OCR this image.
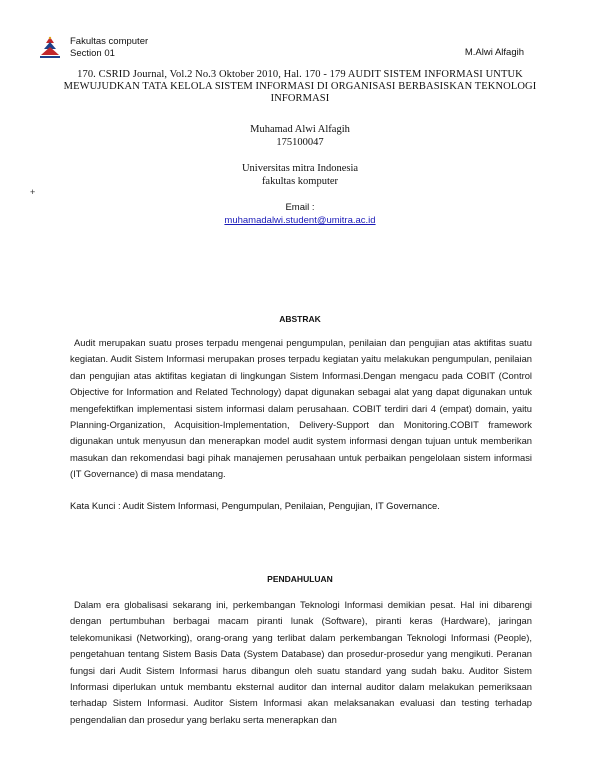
Fakultas computer
Section 01	M.Alwi Alfagih
+
170. CSRID Journal, Vol.2 No.3 Oktober 2010, Hal. 170 - 179 AUDIT SISTEM INFORMASI UNTUK MEWUJUDKAN TATA KELOLA SISTEM INFORMASI DI ORGANISASI BERBASISKAN TEKNOLOGI INFORMASI
Muhamad Alwi Alfagih
175100047
Universitas mitra Indonesia
fakultas komputer
Email :
muhamadalwi.student@umitra.ac.id
ABSTRAK

Audit merupakan suatu proses terpadu mengenai pengumpulan, penilaian dan pengujian atas aktifitas suatu kegiatan. Audit Sistem Informasi merupakan proses terpadu kegiatan yaitu melakukan pengumpulan, penilaian dan pengujian atas aktifitas kegiatan di lingkungan Sistem Informasi.Dengan mengacu pada COBIT (Control Objective for Information and Related Technology) dapat digunakan sebagai alat yang dapat digunakan untuk mengefektifkan implementasi sistem informasi dalam perusahaan. COBIT terdiri dari 4 (empat) domain, yaitu Planning-Organization, Acquisition-Implementation, Delivery-Support dan Monitoring.COBIT framework digunakan untuk menyusun dan menerapkan model audit system informasi dengan tujuan untuk memberikan masukan dan rekomendasi bagi pihak manajemen perusahaan untuk perbaikan pengelolaan sistem informasi (IT Governance) di masa mendatang.

Kata Kunci : Audit Sistem Informasi, Pengumpulan, Penilaian, Pengujian, IT Governance.
PENDAHULUAN

Dalam era globalisasi sekarang ini, perkembangan Teknologi Informasi demikian pesat. Hal ini dibarengi dengan pertumbuhan berbagai macam piranti lunak (Software), piranti keras (Hardware), jaringan telekomunikasi (Networking), orang-orang yang terlibat dalam perkembangan Teknologi Informasi (People), pengetahuan tentang Sistem Basis Data (System Database) dan prosedur-prosedur yang mengikuti. Peranan fungsi dari Audit Sistem Informasi harus dibangun oleh suatu standard yang sudah baku. Auditor Sistem Informasi diperlukan untuk membantu eksternal auditor dan internal auditor dalam melakukan pemeriksaan terhadap Sistem Informasi. Auditor Sistem Informasi akan melaksanakan evaluasi dan testing terhadap pengendalian dan prosedur yang berlaku serta menerapkan dan
